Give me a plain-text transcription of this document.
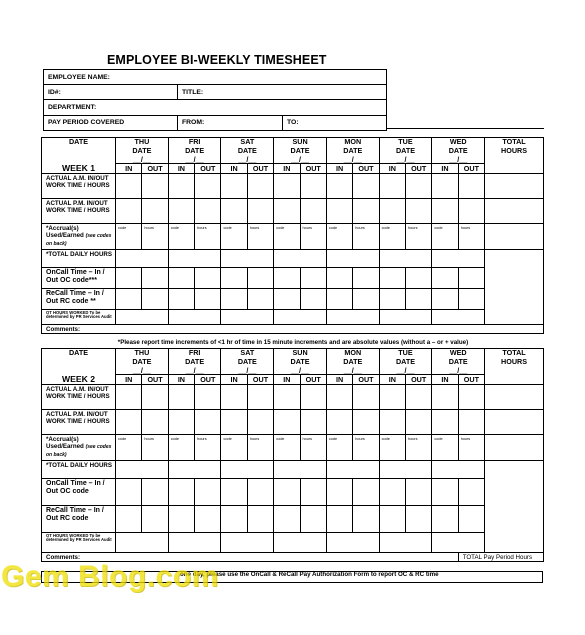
EMPLOYEE BI-WEEKLY TIMESHEET
EMPLOYEE NAME:		
ID#:	TITLE:	
DEPARTMENT:		
PAY PERIOD COVERED	FROM:	TO:
DATE	THU		FRI		SAT		SUN		MON		TUE		WED		TOTAL
	DATE		DATE		DATE		DATE		DATE		DATE		DATE		HOURS
	__/__		__/__		__/__		__/__		__/__		__/__		__/__		
WEEK 1	IN	OUT	IN	OUT	IN	OUT	IN	OUT	IN	OUT	IN	OUT	IN	OUT	
ACTUAL A.M. IN/OUT WORK TIME / HOURS															
ACTUAL P.M. IN/OUT WORK TIME / HOURS															
*Accrual(s) Used/Earned (see codes on back)	code	hours	code	hours	code	hours	code	hours	code	hours	code	hours	code	hours	
*TOTAL DAILY HOURS															
OnCall Time – In / Out OC code***															
ReCall Time – In / Out RC code **															
OT HOURS WORKED To be determined by PR Services Audit															
Comments:															
*Please report time increments of <1 hr of time in 15 minute increments and are absolute values (without a – or + value)
DATE	THU		FRI		SAT		SUN		MON		TUE		WED		TOTAL
	DATE		DATE		DATE		DATE		DATE		DATE		DATE		HOURS
	__/__		__/__		__/__		__/__		__/__		__/__		__/__		
WEEK 2	IN	OUT	IN	OUT	IN	OUT	IN	OUT	IN	OUT	IN	OUT	IN	OUT	
ACTUAL A.M. IN/OUT WORK TIME / HOURS															
ACTUAL P.M. IN/OUT WORK TIME / HOURS															
*Accrual(s) Used/Earned (see codes on back)	code	hours	code	hours	code	hours	code	hours	code	hours	code	hours	code	hours	
*TOTAL DAILY HOURS															
OnCall Time – In / Out OC code															
ReCall Time – In / Out RC code															
OT HOURS WORKED To be determined by PR Services Audit															
Comments:														TOTAL Pay Period Hours	
one day, please use the OnCall & ReCall Pay Authorization Form to report OC & RC time
Gem Blog.com
